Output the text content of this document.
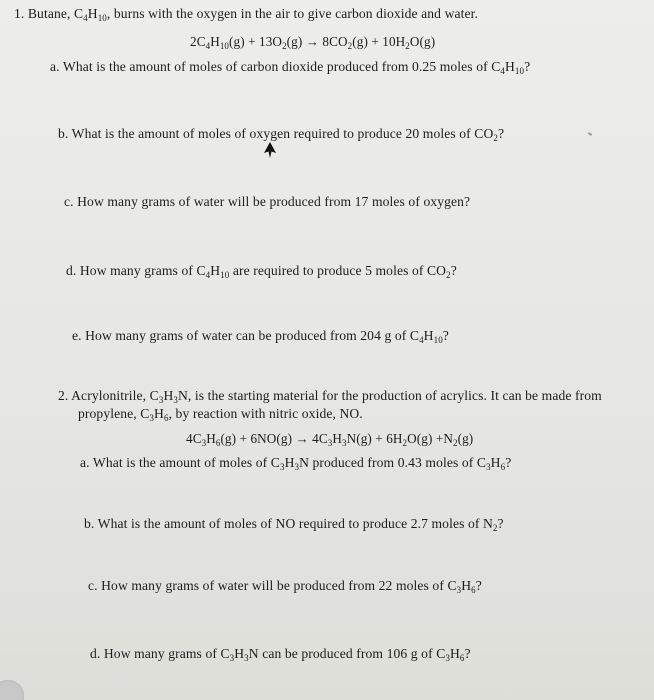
1. Butane, $C_4H_{10}$, burns with the oxygen in the air to give carbon dioxide and water.
$2C_4H_{10}(g) + 13O_2(g) \to 8CO_2(g) + 10H_2O(g)$
a. What is the amount of moles of carbon dioxide produced from 0.25 moles of $C_4H_{10}$?
b. What is the amount of moles of oxygen required to produce 20 moles of $CO_2$?
c. How many grams of water will be produced from 17 moles of oxygen?
d. How many grams of $C_4H_{10}$ are required to produce 5 moles of $CO_2$?
e. How many grams of water can be produced from 204 g of $C_4H_{10}$?
2. Acrylonitrile, $C_3H_3N$, is the starting material for the production of acrylics. It can be made from
propylene, $C_3H_6$, by reaction with nitric oxide, NO.
$4C_3H_6(g) + 6NO(g) \to 4C_3H_3N(g) + 6H_2O(g) +N_2(g)$
a. What is the amount of moles of $C_3H_3N$ produced from 0.43 moles of $C_3H_6$?
b. What is the amount of moles of NO required to produce 2.7 moles of $N_2$?
c. How many grams of water will be produced from 22 moles of $C_3H_6$?
d. How many grams of $C_3H_3N$ can be produced from 106 g of $C_3H_6$?
